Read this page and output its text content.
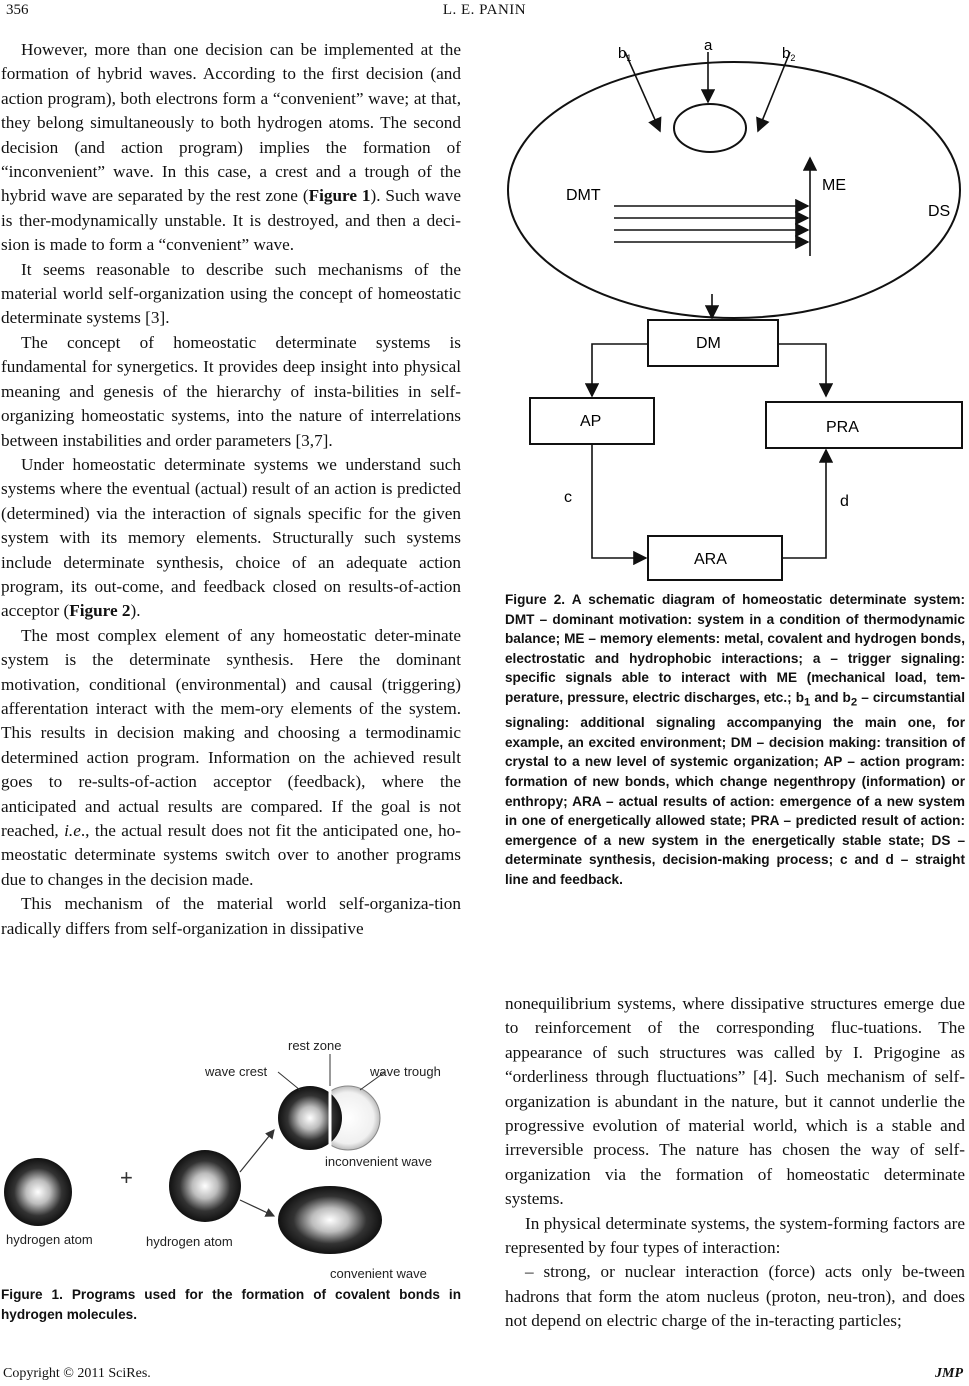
356	L. E. PANIN

However, more than one decision can be implemented at the formation of hybrid waves. According to the first decision (and action program), both electrons form a “convenient” wave; at that, they belong simultaneously to both hydrogen atoms. The second decision (and action program) implies the formation of “inconvenient” wave. In this case, a crest and a trough of the hybrid wave are separated by the rest zone (Figure 1). Such wave is ther-modynamically unstable. It is destroyed, and then a deci-sion is made to form a “convenient” wave.

It seems reasonable to describe such mechanisms of the material world self-organization using the concept of homeostatic determinate systems [3].

The concept of homeostatic determinate systems is fundamental for synergetics. It provides deep insight into physical meaning and genesis of the hierarchy of insta-bilities in self-organizing homeostatic systems, into the nature of interrelations between instabilities and order parameters [3,7].

Under homeostatic determinate systems we understand such systems where the eventual (actual) result of an action is predicted (determined) via the interaction of signals specific for the given system with its memory elements. Structurally such systems include determinate synthesis, choice of an adequate action program, its out-come, and feedback closed on results-of-action acceptor (Figure 2).

The most complex element of any homeostatic deter-minate system is the determinate synthesis. Here the dominant motivation, conditional (environmental) and causal (triggering) afferentation interact with the mem-ory elements of the system. This results in decision making and choosing a termodinamic determined action program. Information on the achieved result goes to re-sults-of-action acceptor (feedback), where the anticipated and actual results are compared. If the goal is not reached, i.e., the actual result does not fit the anticipated one, ho-meostatic determinate systems switch over to another programs due to changes in the decision made.

This mechanism of the material world self-organiza-tion radically differs from self-organization in dissipative

+
rest zone
wave crest	wave trough
inconvenient wave
hydrogen atom	hydrogen atom
convenient wave
Figure 1. Programs used for the formation of covalent bonds in hydrogen molecules.
$b_1$
a	$b_2$
DMT
ME
DS
DM
AP	PRA
c	d
ARA
Figure 2. A schematic diagram of homeostatic determinate system: DMT – dominant motivation: system in a condition of thermodynamic balance; ME – memory elements: metal, covalent and hydrogen bonds, electrostatic and hydrophobic interactions; a – trigger signaling: specific signals able to interact with ME (mechanical load, tem- perature, pressure, electric discharges, etc.; $b_1$ and $b_2$ – circumstantial signaling: additional signaling accompanying the main one, for example, an excited environment; DM – decision making: transition of crystal to a new level of systemic organization; AP – action program: formation of new bonds, which change negenthropy (information) or enthropy; ARA – actual results of action: emergence of a new system in one of energetically allowed state; PRA – predicted result of action: emergence of a new system in the energetically stable state; DS – determinate synthesis, decision-making process; c and d – straight line and feedback.

nonequilibrium systems, where dissipative structures emerge due to reinforcement of the corresponding fluc-tuations. The appearance of such structures was called by I. Prigogine as “orderliness through fluctuations” [4]. Such mechanism of self-organization is abundant in the nature, but it cannot underlie the progressive evolution of material world, which is a stable and irreversible process. The nature has chosen the way of self-organization via the formation of homeostatic determinate systems.

In physical determinate systems, the system-forming factors are represented by four types of interaction:

– strong, or nuclear interaction (force) acts only be-tween hadrons that form the atom nucleus (proton, neu-tron), and does not depend on electric charge of the in-teracting particles;

Copyright © 2011 SciRes.	JMP
